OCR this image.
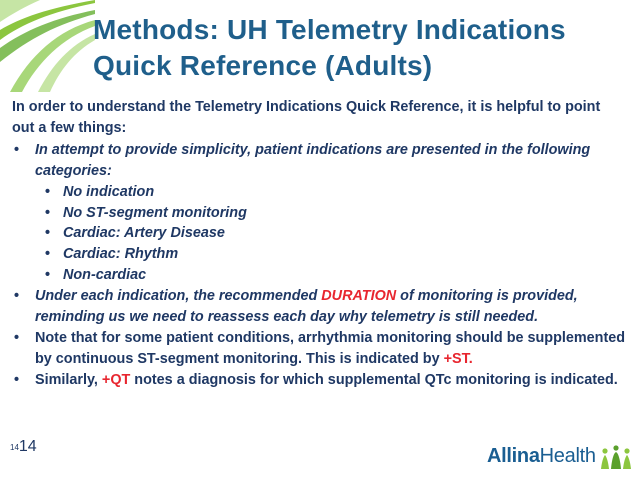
Methods: UH Telemetry Indications
Quick Reference (Adults)
In order to understand the Telemetry Indications Quick Reference, it is helpful to point out a few things:
• In attempt to provide simplicity, patient indications are presented in the following categories:
• No indication
• No ST-segment monitoring
• Cardiac: Artery Disease
• Cardiac: Rhythm
• Non-cardiac
• Under each indication, the recommended DURATION of monitoring is provided, reminding us we need to reassess each day why telemetry is still needed.
• Note that for some patient conditions, arrhythmia monitoring should be supplemented by continuous ST-segment monitoring. This is indicated by +ST.
• Similarly, +QT notes a diagnosis for which supplemental QTc monitoring is indicated.
$^{14}$14	AllinaHealth
